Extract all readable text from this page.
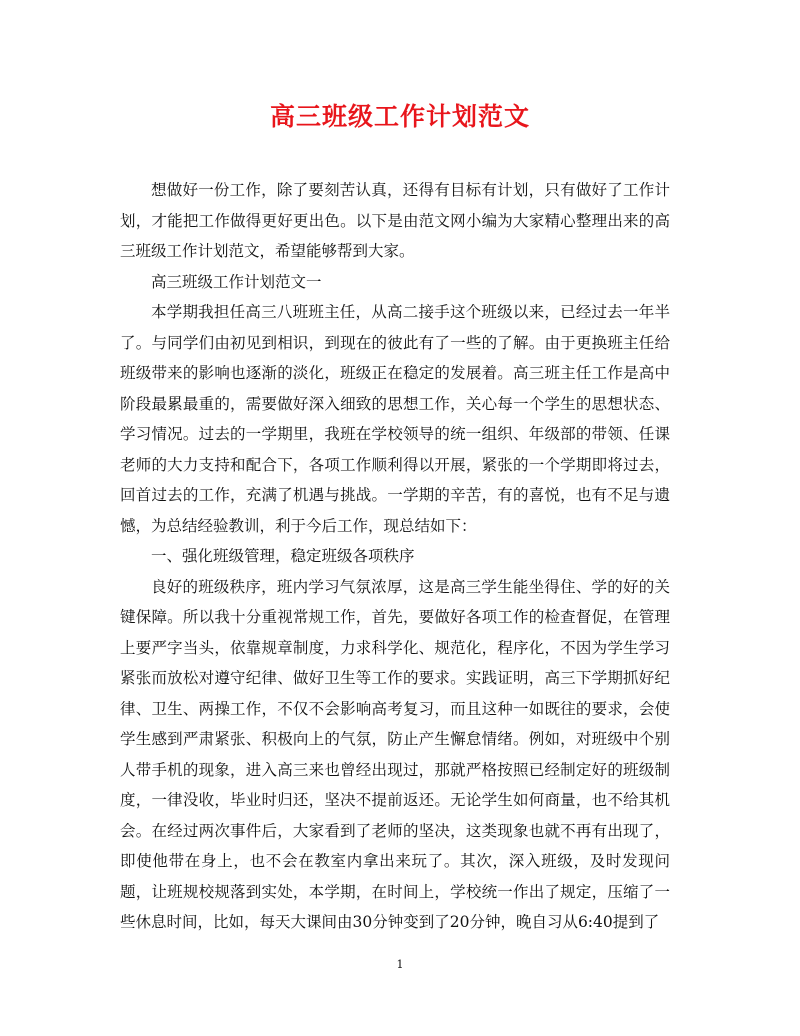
高三班级工作计划范文

想做好一份工作，除了要刻苦认真，还得有目标有计划，只有做好了工作计划，才能把工作做得更好更出色。以下是由范文网小编为大家精心整理出来的高三班级工作计划范文，希望能够帮到大家。

高三班级工作计划范文一

本学期我担任高三八班班主任，从高二接手这个班级以来，已经过去一年半了。与同学们由初见到相识，到现在的彼此有了一些的了解。由于更换班主任给班级带来的影响也逐渐的淡化，班级正在稳定的发展着。高三班主任工作是高中阶段最累最重的，需要做好深入细致的思想工作，关心每一个学生的思想状态、学习情况。过去的一学期里，我班在学校领导的统一组织、年级部的带领、任课老师的大力支持和配合下，各项工作顺利得以开展，紧张的一个学期即将过去，回首过去的工作，充满了机遇与挑战。一学期的辛苦，有的喜悦，也有不足与遗憾，为总结经验教训，利于今后工作，现总结如下：

一、强化班级管理，稳定班级各项秩序

良好的班级秩序，班内学习气氛浓厚，这是高三学生能坐得住、学的好的关键保障。所以我十分重视常规工作，首先，要做好各项工作的检查督促，在管理上要严字当头，依靠规章制度，力求科学化、规范化，程序化，不因为学生学习紧张而放松对遵守纪律、做好卫生等工作的要求。实践证明，高三下学期抓好纪律、卫生、两操工作，不仅不会影响高考复习，而且这种一如既往的要求，会使学生感到严肃紧张、积极向上的气氛，防止产生懈怠情绪。例如，对班级中个别人带手机的现象，进入高三来也曾经出现过，那就严格按照已经制定好的班级制度，一律没收，毕业时归还，坚决不提前返还。无论学生如何商量，也不给其机会。在经过两次事件后，大家看到了老师的坚决，这类现象也就不再有出现了，即使他带在身上，也不会在教室内拿出来玩了。其次，深入班级，及时发现问题，让班规校规落到实处，本学期，在时间上，学校统一作出了规定，压缩了一些休息时间，比如，每天大课间由30分钟变到了20分钟，晚自习从6:40提到了

1
